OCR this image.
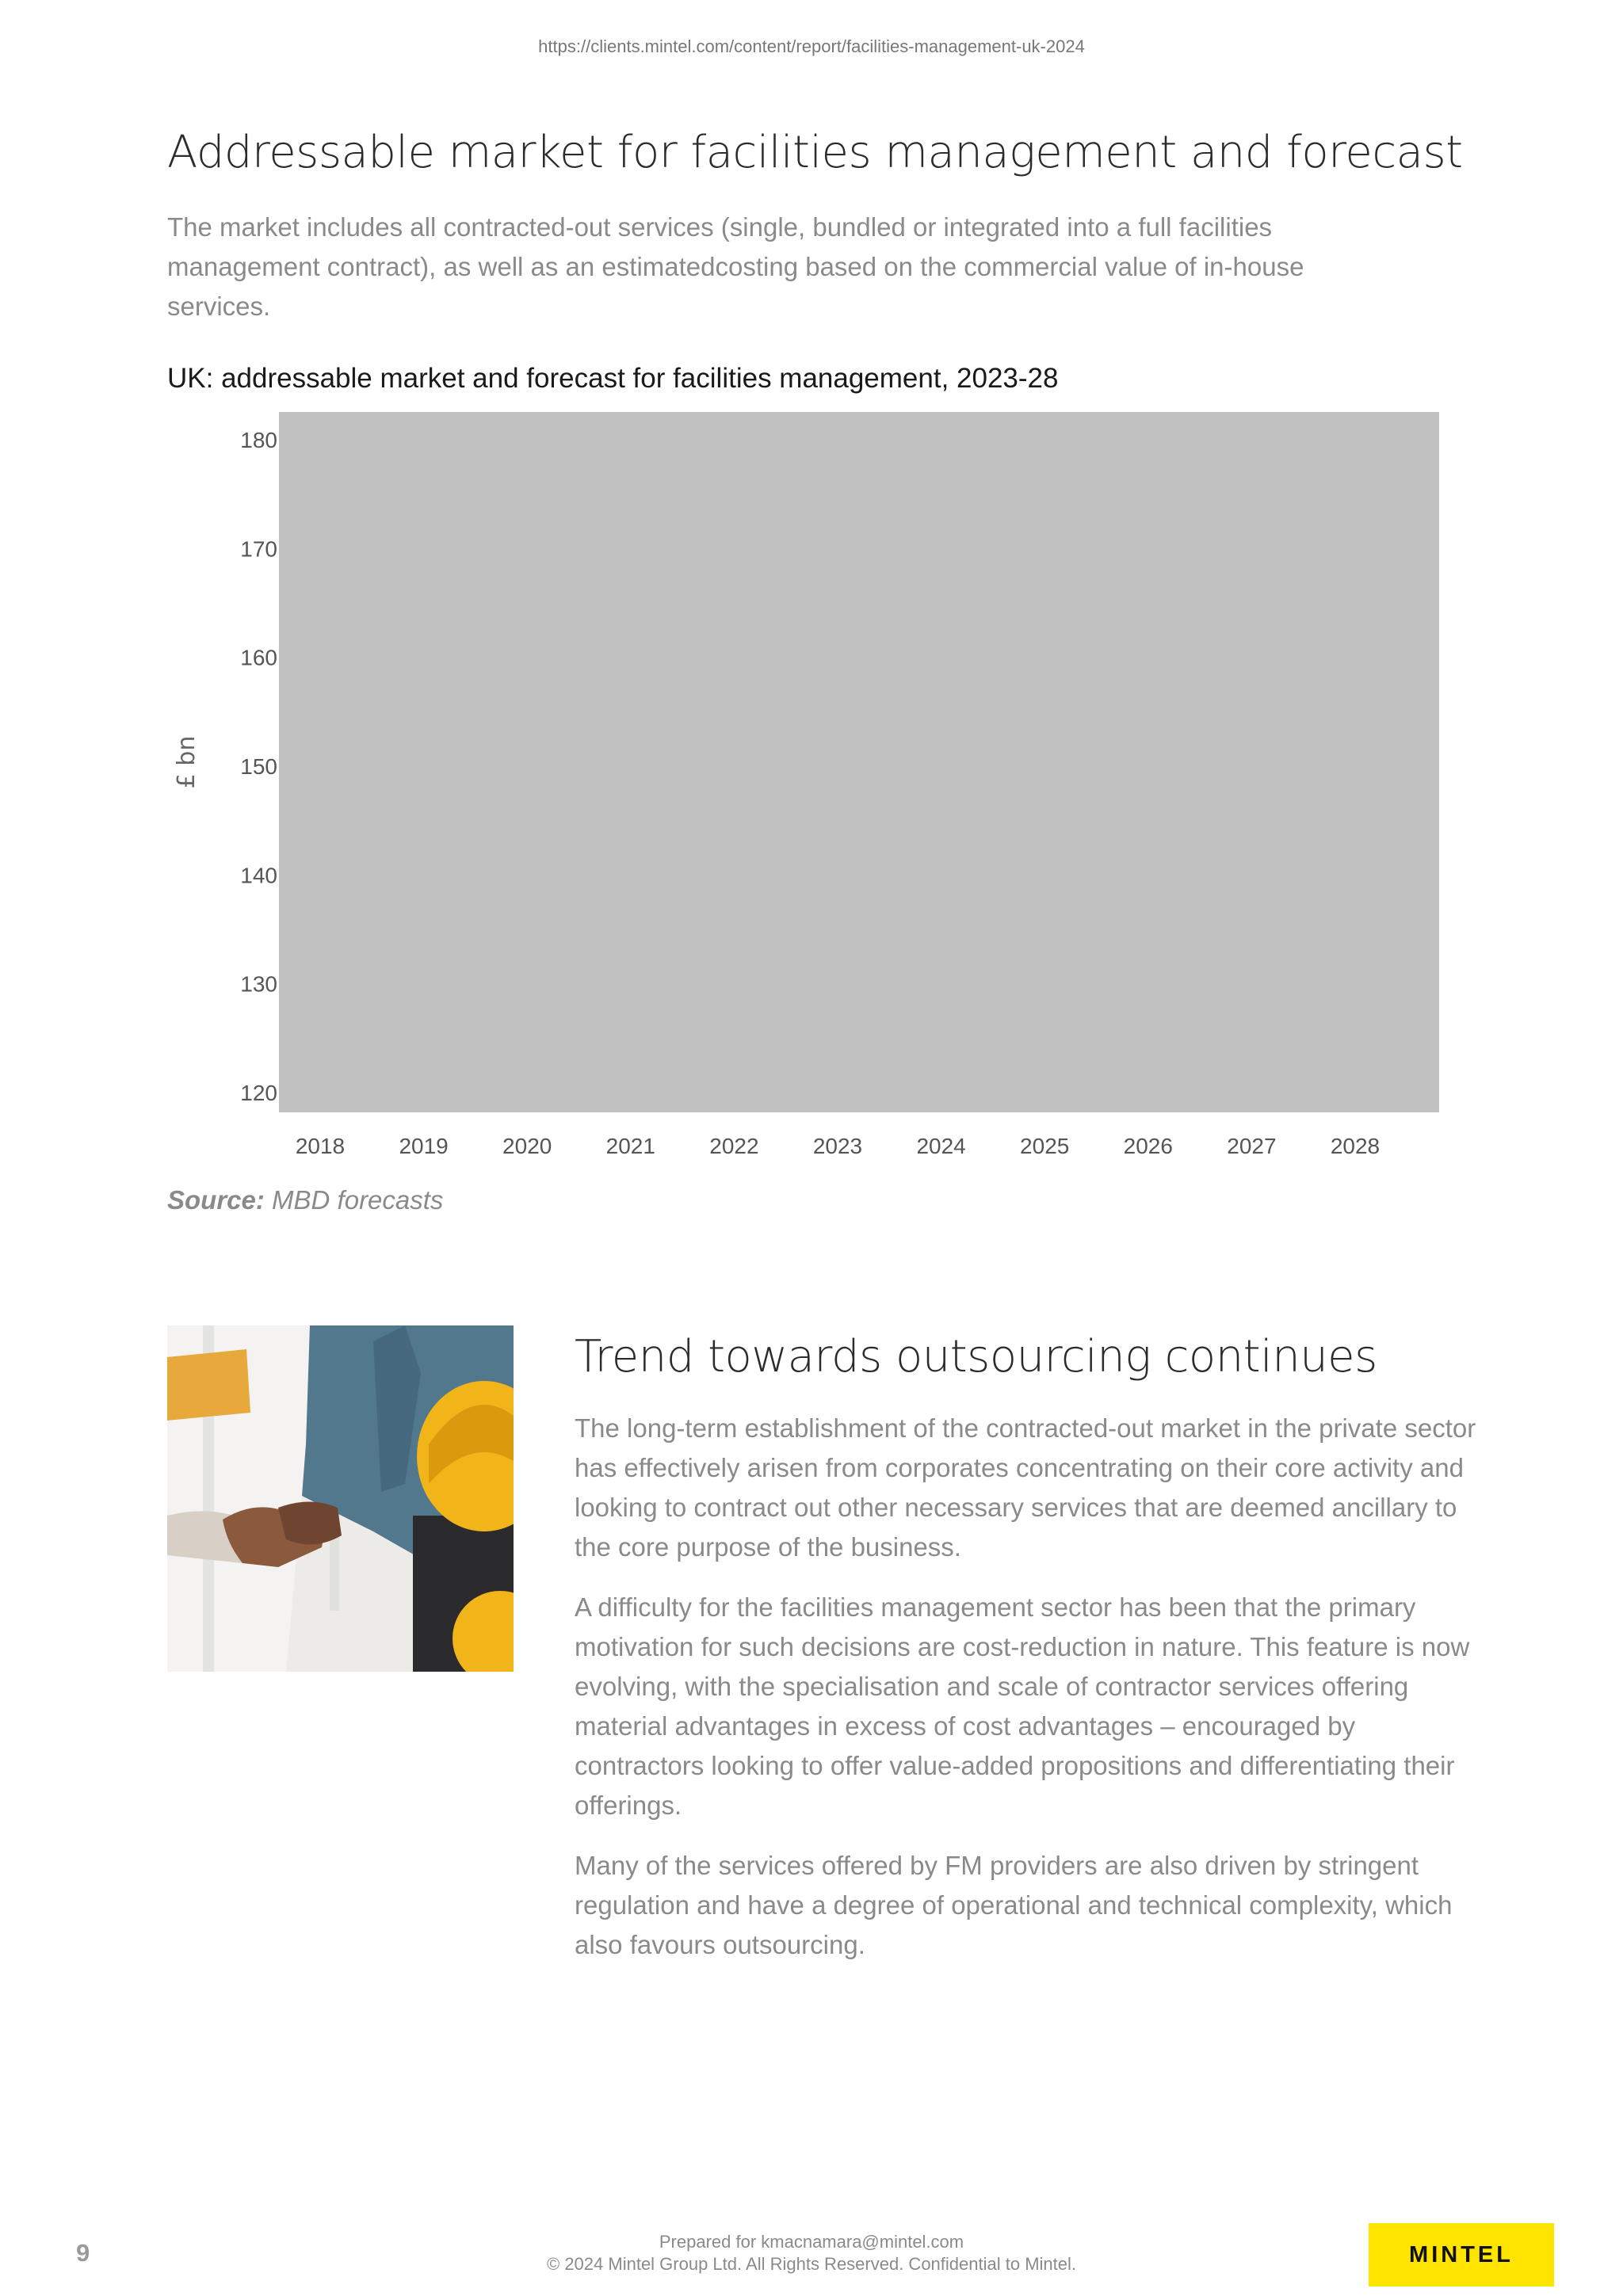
https://clients.mintel.com/content/report/facilities-management-uk-2024
Addressable market for facilities management and forecast

The market includes all contracted-out services (single, bundled or integrated into a full facilities management contract), as well as an estimatedcosting based on the commercial value of in-house services.

UK: addressable market and forecast for facilities management, 2023-28

180
170
160
150
140
130
120
2018 2019 2020 2021 2022 2023 2024 2025 2026 2027 2028
£ bn

Source: MBD forecasts

Trend towards outsourcing continues

The long-term establishment of the contracted-out market in the private sector has effectively arisen from corporates concentrating on their core activity and looking to contract out other necessary services that are deemed ancillary to the core purpose of the business.

A difficulty for the facilities management sector has been that the primary motivation for such decisions are cost-reduction in nature. This feature is now evolving, with the specialisation and scale of contractor services offering material advantages in excess of cost advantages – encouraged by contractors looking to offer value-added propositions and differentiating their offerings.

Many of the services offered by FM providers are also driven by stringent regulation and have a degree of operational and technical complexity, which also favours outsourcing.

9	Prepared for kmacnamara@mintel.com
© 2024 Mintel Group Ltd. All Rights Reserved. Confidential to Mintel.	MINTEL
